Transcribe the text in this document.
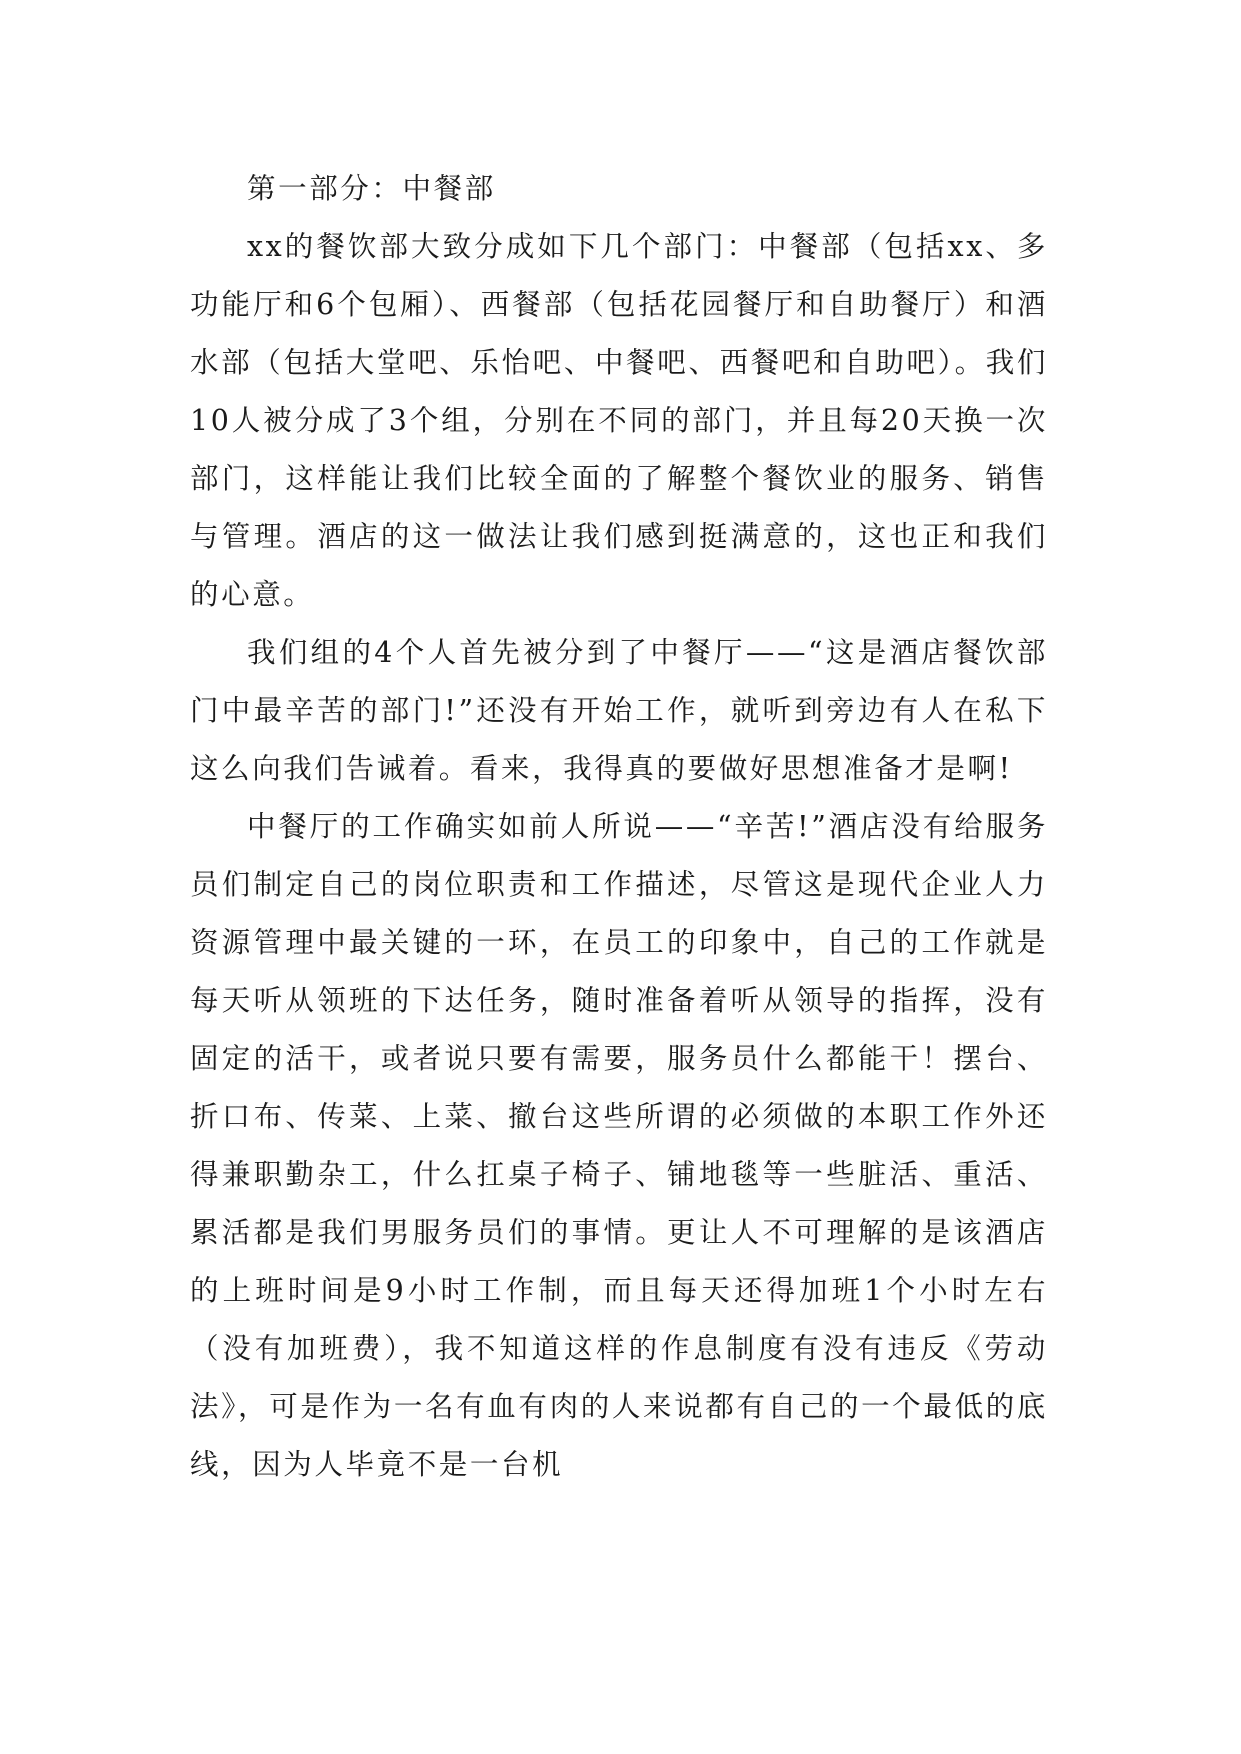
第一部分：中餐部

xx的餐饮部大致分成如下几个部门：中餐部（包括xx、多功能厅和6个包厢）、西餐部（包括花园餐厅和自助餐厅）和酒水部（包括大堂吧、乐怡吧、中餐吧、西餐吧和自助吧）。我们10人被分成了3个组，分别在不同的部门，并且每20天换一次部门，这样能让我们比较全面的了解整个餐饮业的服务、销售与管理。酒店的这一做法让我们感到挺满意的，这也正和我们的心意。

我们组的4个人首先被分到了中餐厅——“这是酒店餐饮部门中最辛苦的部门!”还没有开始工作，就听到旁边有人在私下这么向我们告诫着。看来，我得真的要做好思想准备才是啊!

中餐厅的工作确实如前人所说——“辛苦!”酒店没有给服务员们制定自己的岗位职责和工作描述，尽管这是现代企业人力资源管理中最关键的一环，在员工的印象中，自己的工作就是每天听从领班的下达任务，随时准备着听从领导的指挥，没有固定的活干，或者说只要有需要，服务员什么都能干！摆台、折口布、传菜、上菜、撤台这些所谓的必须做的本职工作外还得兼职勤杂工，什么扛桌子椅子、铺地毯等一些脏活、重活、累活都是我们男服务员们的事情。更让人不可理解的是该酒店的上班时间是9小时工作制，而且每天还得加班1个小时左右（没有加班费），我不知道这样的作息制度有没有违反《劳动法》，可是作为一名有血有肉的人来说都有自己的一个最低的底线，因为人毕竟不是一台机
